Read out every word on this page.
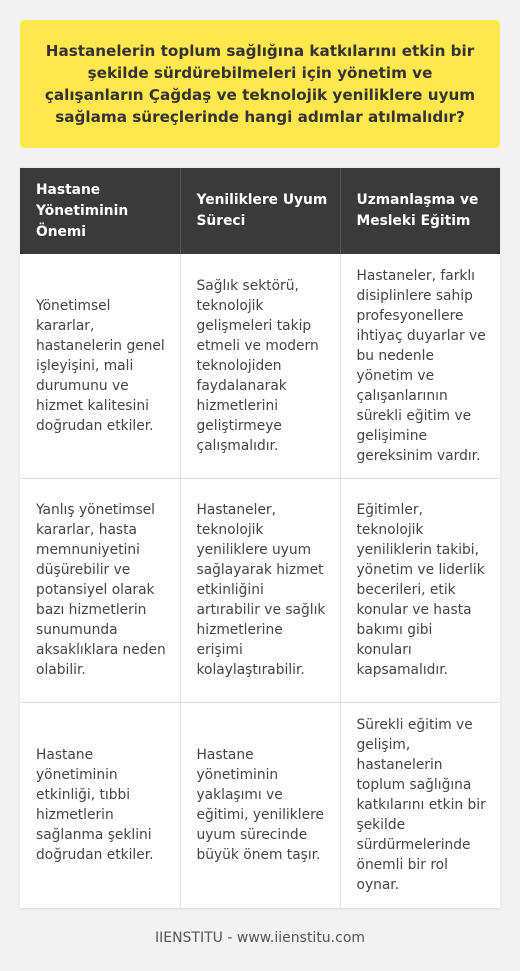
Hastanelerin toplum sağlığına katkılarını etkin bir şekilde sürdürebilmeleri için yönetim ve çalışanların Çağdaş ve teknolojik yeniliklere uyum sağlama süreçlerinde hangi adımlar atılmalıdır?
Hastane Yönetiminin Önemi	Yeniliklere Uyum Süreci	Uzmanlaşma ve Mesleki Eğitim
Yönetimsel kararlar, hastanelerin genel işleyişini, mali durumunu ve hizmet kalitesini doğrudan etkiler.	Sağlık sektörü, teknolojik gelişmeleri takip etmeli ve modern teknolojiden faydalanarak hizmetlerini geliştirmeye çalışmalıdır.	Hastaneler, farklı disiplinlere sahip profesyonellere ihtiyaç duyarlar ve bu nedenle yönetim ve çalışanlarının sürekli eğitim ve gelişimine gereksinim vardır.
Yanlış yönetimsel kararlar, hasta memnuniyetini düşürebilir ve potansiyel olarak bazı hizmetlerin sunumunda aksaklıklara neden olabilir.	Hastaneler, teknolojik yeniliklere uyum sağlayarak hizmet etkinliğini artırabilir ve sağlık hizmetlerine erişimi kolaylaştırabilir.	Eğitimler, teknolojik yeniliklerin takibi, yönetim ve liderlik becerileri, etik konular ve hasta bakımı gibi konuları kapsamalıdır.
Hastane yönetiminin etkinliği, tıbbi hizmetlerin sağlanma şeklini doğrudan etkiler.	Hastane yönetiminin yaklaşımı ve eğitimi, yeniliklere uyum sürecinde büyük önem taşır.	Sürekli eğitim ve gelişim, hastanelerin toplum sağlığına katkılarını etkin bir şekilde sürdürmelerinde önemli bir rol oynar.
IIENSTITU - www.iienstitu.com
